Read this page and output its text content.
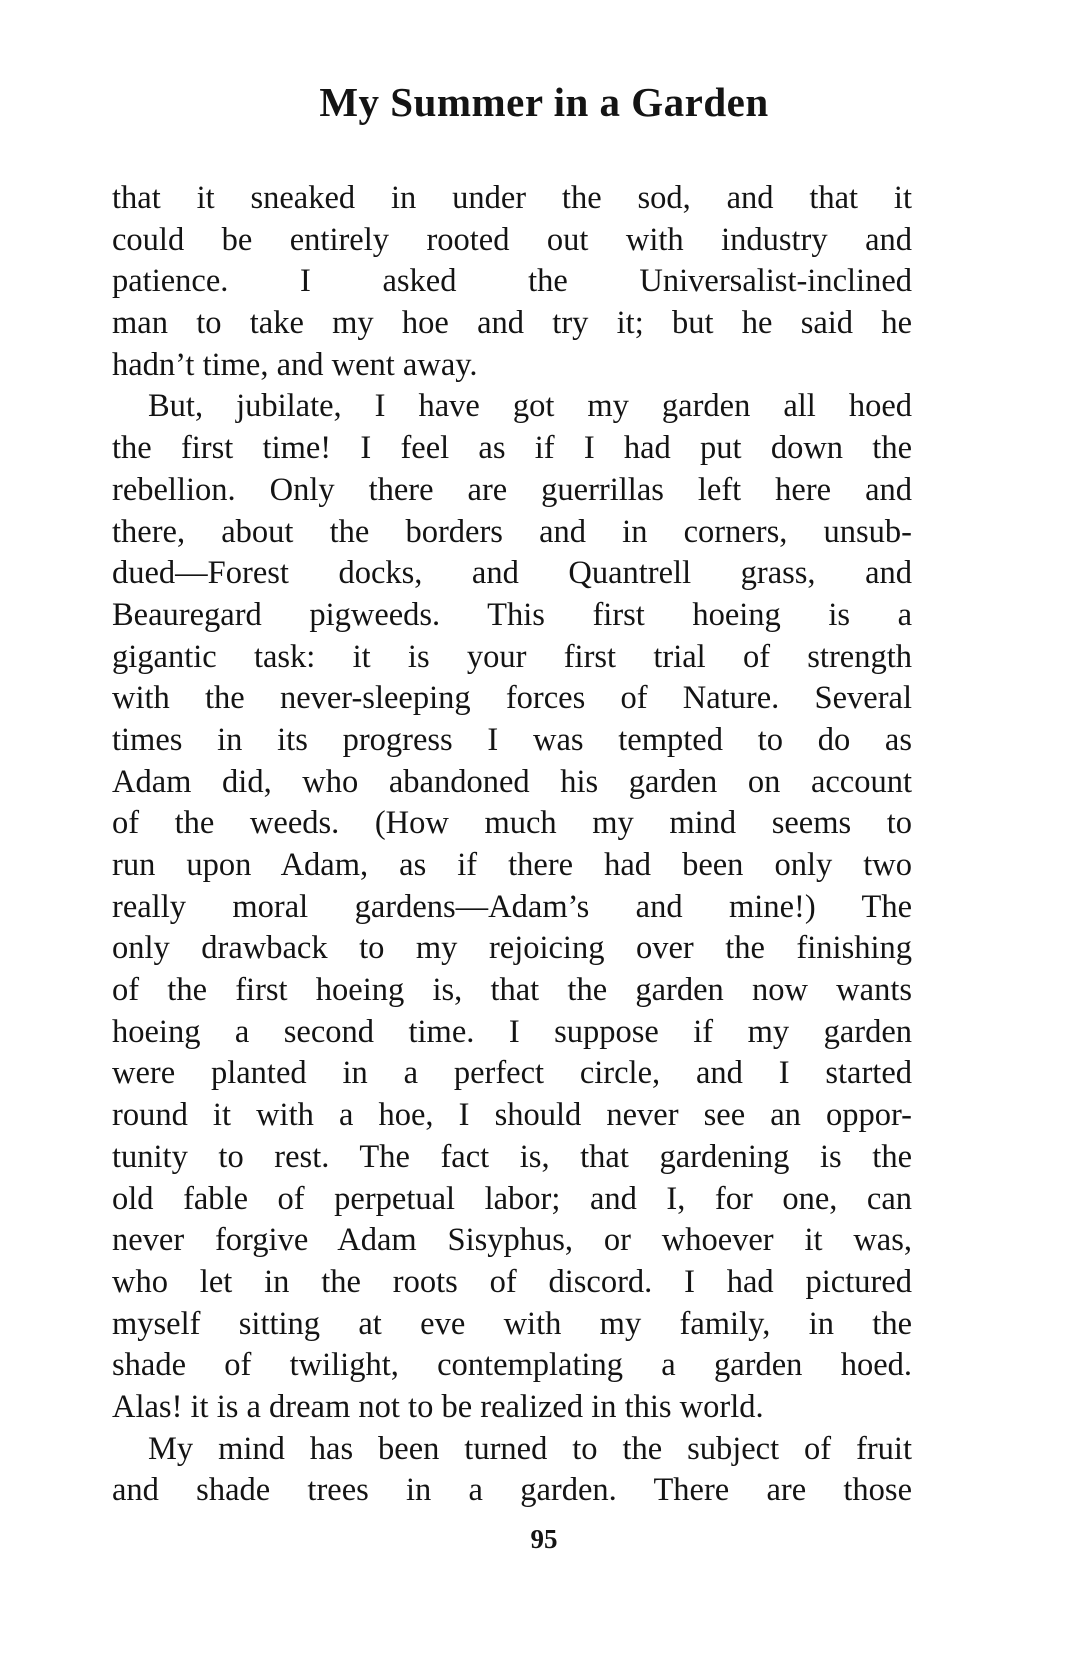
My Summer in a Garden
that it sneaked in under the sod, and that it
could be entirely rooted out with industry and
patience. I asked the Universalist-inclined
man to take my hoe and try it; but he said he
hadn’t time, and went away.
But, jubilate, I have got my garden all hoed
the first time! I feel as if I had put down the
rebellion. Only there are guerrillas left here and
there, about the borders and in corners, unsub-
dued—Forest docks, and Quantrell grass, and
Beauregard pigweeds. This first hoeing is a
gigantic task: it is your first trial of strength
with the never-sleeping forces of Nature. Several
times in its progress I was tempted to do as
Adam did, who abandoned his garden on account
of the weeds. (How much my mind seems to
run upon Adam, as if there had been only two
really moral gardens—Adam’s and mine!) The
only drawback to my rejoicing over the finishing
of the first hoeing is, that the garden now wants
hoeing a second time. I suppose if my garden
were planted in a perfect circle, and I started
round it with a hoe, I should never see an oppor-
tunity to rest. The fact is, that gardening is the
old fable of perpetual labor; and I, for one, can
never forgive Adam Sisyphus, or whoever it was,
who let in the roots of discord. I had pictured
myself sitting at eve with my family, in the
shade of twilight, contemplating a garden hoed.
Alas! it is a dream not to be realized in this world.
My mind has been turned to the subject of fruit
and shade trees in a garden. There are those
95
